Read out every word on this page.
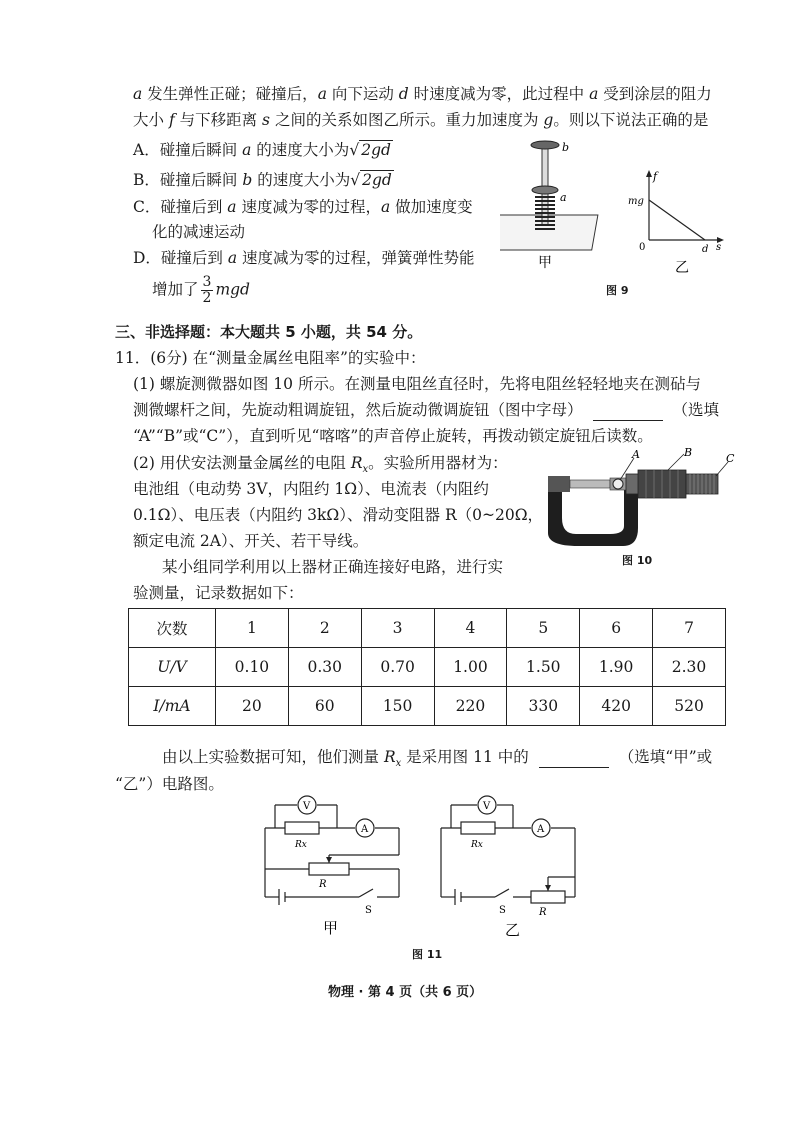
a 发生弹性正碰；碰撞后，a 向下运动 d 时速度减为零，此过程中 a 受到涂层的阻力
大小 f 与下移距离 s 之间的关系如图乙所示。重力加速度为 g。则以下说法正确的是
A．碰撞后瞬间 a 的速度大小为√ 2gd
B．碰撞后瞬间 b 的速度大小为√ 2gd
C．碰撞后到 a 速度减为零的过程，a 做加速度变
化的减速运动
D．碰撞后到 a 速度减为零的过程，弹簧弹性势能
增加了 $\frac{3}{2}$ mgd
b
a
甲
f
mg
0	d s
乙
图 9
三、非选择题：本大题共 5 小题，共 54 分。
11．(6分) 在“测量金属丝电阻率”的实验中：
(1) 螺旋测微器如图 10 所示。在测量电阻丝直径时，先将电阻丝轻轻地夹在测砧与
测微螺杆之间，先旋动粗调旋钮，然后旋动微调旋钮（图中字母）	（选填
“A”“B”或“C”），直到听见“喀喀”的声音停止旋转，再拨动锁定旋钮后读数。
(2) 用伏安法测量金属丝的电阻 $R_x$。实验所用器材为：
电池组（电动势 3V，内阻约 1Ω）、电流表（内阻约
0.1Ω）、电压表（内阻约 3kΩ）、滑动变阻器 R（0~20Ω，
额定电流 2A）、开关、若干导线。
某小组同学利用以上器材正确连接好电路，进行实
验测量，记录数据如下：
A	B	C
图 10
次数	1	2	3	4	5	6	7
U/V	0.10	0.30	0.70	1.00	1.50	1.90	2.30
I/mA	20	60	150	220	330	420	520
由以上实验数据可知，他们测量 $R_x$ 是采用图 11 中的	（选填“甲”或
“乙”）电路图。
V
A
Rx
R
S
甲
V
A
Rx
R
S
乙
图 11
物理 · 第 4 页（共 6 页）
